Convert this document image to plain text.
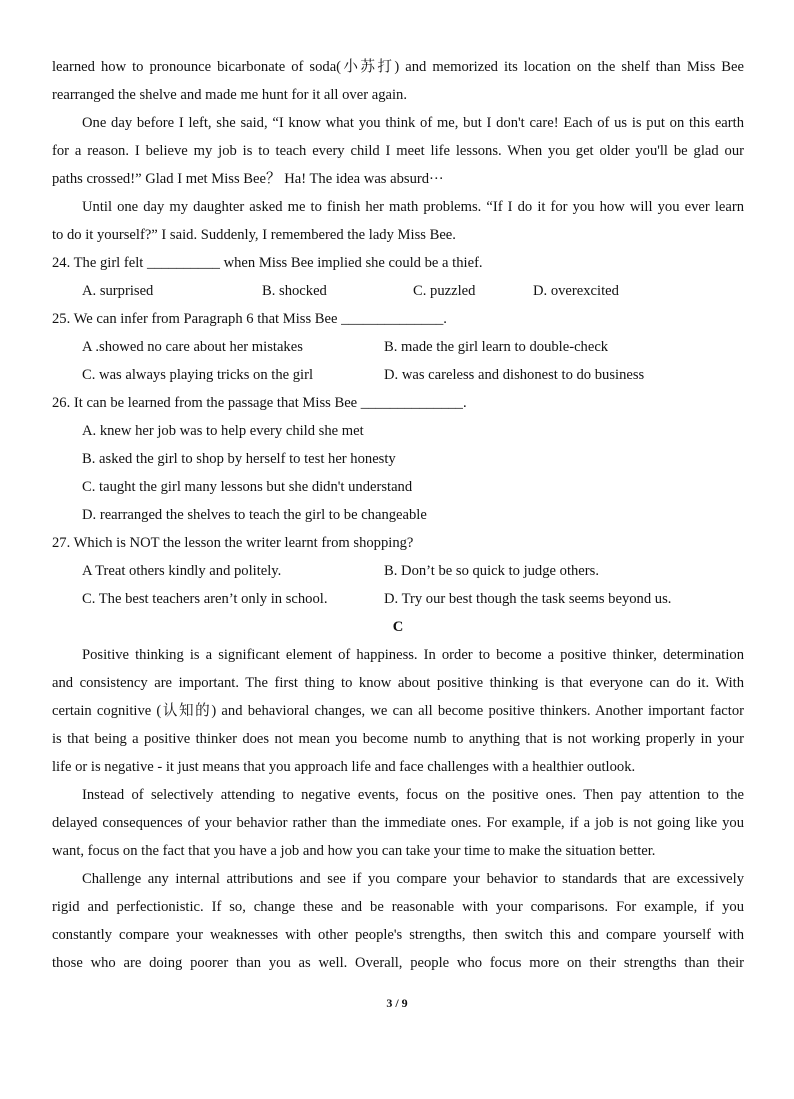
learned how to pronounce bicarbonate of soda(小苏打) and memorized its location on the shelf than Miss Bee
rearranged the shelve and made me hunt for it all over again.
One day before I left, she said, “I know what you think of me, but I don't care! Each of us is put on this earth
for a reason. I believe my job is to teach every child I meet life lessons. When you get older you'll be glad our
paths crossed!” Glad I met Miss Bee？ Ha! The idea was absurd···
Until one day my daughter asked me to finish her math problems. “If I do it for you how will you ever learn
to do it yourself?” I said. Suddenly, I remembered the lady Miss Bee.
24. The girl felt __________ when Miss Bee implied she could be a thief.
A. surprised	B. shocked	C. puzzled	D. overexcited
25. We can infer from Paragraph 6 that Miss Bee ______________.
A .showed no care about her mistakes	B. made the girl learn to double-check
C. was always playing tricks on the girl	D. was careless and dishonest to do business
26. It can be learned from the passage that Miss Bee ______________.
A. knew her job was to help every child she met
B. asked the girl to shop by herself to test her honesty
C. taught the girl many lessons but she didn't understand
D. rearranged the shelves to teach the girl to be changeable
27. Which is NOT the lesson the writer learnt from shopping?
A Treat others kindly and politely.	B. Don’t be so quick to judge others.
C. The best teachers aren’t only in school.	D. Try our best though the task seems beyond us.
C
Positive thinking is a significant element of happiness. In order to become a positive thinker, determination
and consistency are important. The first thing to know about positive thinking is that everyone can do it. With
certain cognitive (认知的) and behavioral changes, we can all become positive thinkers. Another important factor
is that being a positive thinker does not mean you become numb to anything that is not working properly in your
life or is negative - it just means that you approach life and face challenges with a healthier outlook.
Instead of selectively attending to negative events, focus on the positive ones. Then pay attention to the
delayed consequences of your behavior rather than the immediate ones. For example, if a job is not going like you
want, focus on the fact that you have a job and how you can take your time to make the situation better.
Challenge any internal attributions and see if you compare your behavior to standards that are excessively
rigid and perfectionistic. If so, change these and be reasonable with your comparisons. For example, if you
constantly compare your weaknesses with other people's strengths, then switch this and compare yourself with
those who are doing poorer than you as well. Overall, people who focus more on their strengths than their
3 / 9
